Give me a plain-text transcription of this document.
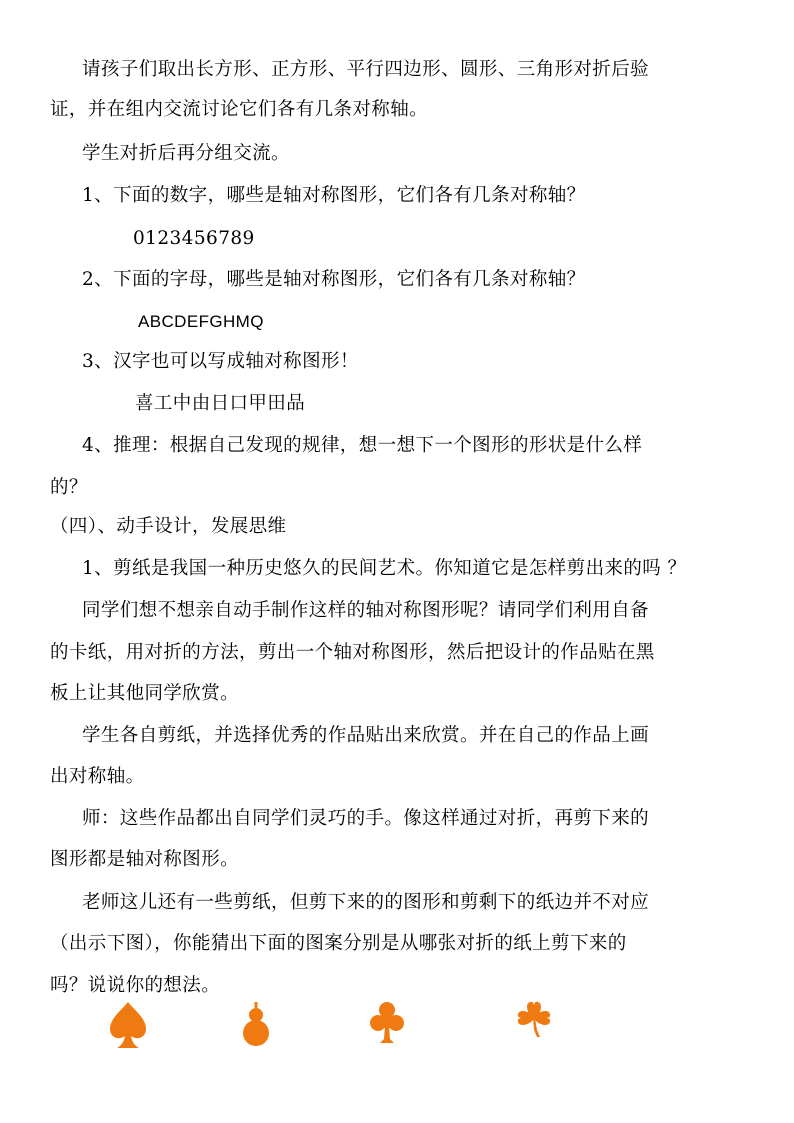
请孩子们取出长方形、正方形、平行四边形、圆形、三角形对折后验
证，并在组内交流讨论它们各有几条对称轴。
学生对折后再分组交流。
1、下面的数字，哪些是轴对称图形，它们各有几条对称轴？
0123456789
2、下面的字母，哪些是轴对称图形，它们各有几条对称轴？
ABCDEFGHMQ
3、汉字也可以写成轴对称图形！
喜工中由日口甲田品
4、推理：根据自己发现的规律，想一想下一个图形的形状是什么样
的？
（四）、动手设计，发展思维
1、剪纸是我国一种历史悠久的民间艺术。你知道它是怎样剪出来的吗 ？
同学们想不想亲自动手制作这样的轴对称图形呢？请同学们利用自备
的卡纸，用对折的方法，剪出一个轴对称图形，然后把设计的作品贴在黑
板上让其他同学欣赏。
学生各自剪纸，并选择优秀的作品贴出来欣赏。并在自己的作品上画
出对称轴。
师：这些作品都出自同学们灵巧的手。像这样通过对折，再剪下来的
图形都是轴对称图形。
老师这儿还有一些剪纸，但剪下来的的图形和剪剩下的纸边并不对应
（出示下图），你能猜出下面的图案分别是从哪张对折的纸上剪下来的
吗？说说你的想法。
